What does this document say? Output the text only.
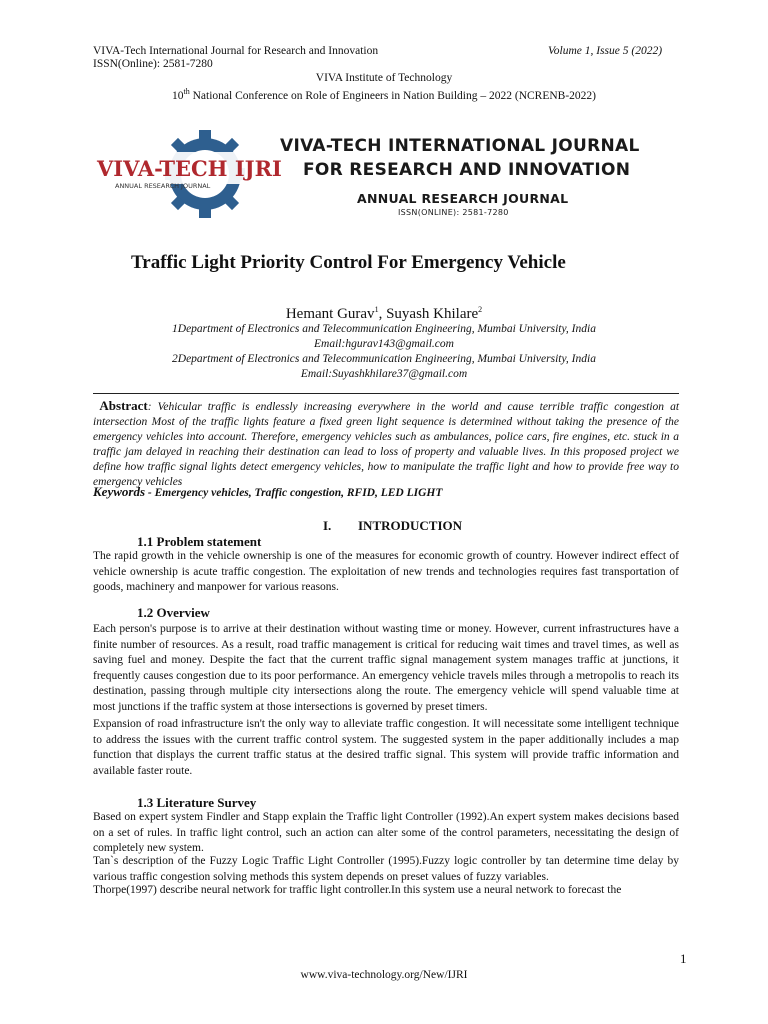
VIVA-Tech International Journal for Research and Innovation	Volume 1, Issue 5 (2022)
ISSN(Online): 2581-7280
VIVA Institute of Technology
10th National Conference on Role of Engineers in Nation Building – 2022 (NCRENB-2022)
VIVA-TECH IJRI
ANNUAL RESEARCH JOURNAL
VIVA-TECH INTERNATIONAL JOURNAL
FOR RESEARCH AND INNOVATION
ANNUAL RESEARCH JOURNAL
ISSN(ONLINE): 2581-7280
Traffic Light Priority Control For Emergency Vehicle
Hemant Gurav$^1$, Suyash Khilare$^2$
1Department of Electronics and Telecommunication Engineering, Mumbai University, India
Email:hgurav143@gmail.com
2Department of Electronics and Telecommunication Engineering, Mumbai University, India
Email:Suyashkhilare37@gmail.com
Abstract: Vehicular traffic is endlessly increasing everywhere in the world and cause terrible traffic congestion at intersection Most of the traffic lights feature a fixed green light sequence is determined without taking the presence of the emergency vehicles into account. Therefore, emergency vehicles such as ambulances, police cars, fire engines, etc. stuck in a traffic jam delayed in reaching their destination can lead to loss of property and valuable lives. In this proposed project we define how traffic signal lights detect emergency vehicles, how to manipulate the traffic light and how to provide free way to emergency vehicles
Keywords - Emergency vehicles, Traffic congestion, RFID, LED LIGHT
I. INTRODUCTION
1.1 Problem statement
The rapid growth in the vehicle ownership is one of the measures for economic growth of country. However indirect effect of vehicle ownership is acute traffic congestion. The exploitation of new trends and technologies requires fast transportation of goods, machinery and manpower for various reasons.
1.2 Overview
Each person's purpose is to arrive at their destination without wasting time or money. However, current infrastructures have a finite number of resources. As a result, road traffic management is critical for reducing wait times and travel times, as well as saving fuel and money. Despite the fact that the current traffic signal management system manages traffic at junctions, it frequently causes congestion due to its poor performance. An emergency vehicle travels miles through a metropolis to reach its destination, passing through multiple city intersections along the route. The emergency vehicle will spend valuable time at most junctions if the traffic system at those intersections is governed by preset timers.
Expansion of road infrastructure isn't the only way to alleviate traffic congestion. It will necessitate some intelligent technique to address the issues with the current traffic control system. The suggested system in the paper additionally includes a map function that displays the current traffic status at the desired traffic signal. This system will provide traffic information and available faster route.
1.3 Literature Survey
Based on expert system Findler and Stapp explain the Traffic light Controller (1992).An expert system makes decisions based on a set of rules. In traffic light control, such an action can alter some of the control parameters, necessitating the design of completely new system.
Tan`s description of the Fuzzy Logic Traffic Light Controller (1995).Fuzzy logic controller by tan determine time delay by various traffic congestion solving methods this system depends on preset values of fuzzy variables.
Thorpe(1997) describe neural network for traffic light controller.In this system use a neural network to forecast the
1
www.viva-technology.org/New/IJRI
